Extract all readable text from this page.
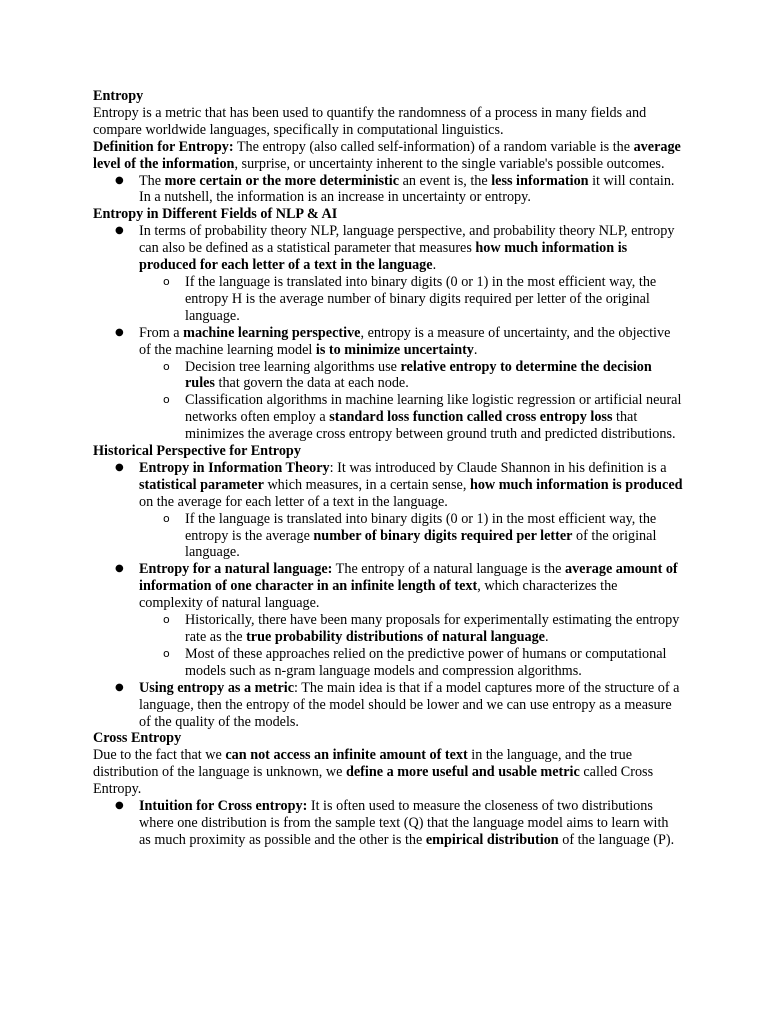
Entropy

Entropy is a metric that has been used to quantify the randomness of a process in many fields and compare worldwide languages, specifically in computational linguistics.

Definition for Entropy: The entropy (also called self-information) of a random variable is the average level of the information, surprise, or uncertainty inherent to the single variable's possible outcomes.

●	The more certain or the more deterministic an event is, the less information it will contain. In a nutshell, the information is an increase in uncertainty or entropy.
Entropy in Different Fields of NLP & AI
●	In terms of probability theory NLP, language perspective, and probability theory NLP, entropy can also be defined as a statistical parameter that measures how much information is produced for each letter of a text in the language.
o	If the language is translated into binary digits (0 or 1) in the most efficient way, the entropy H is the average number of binary digits required per letter of the original language.
●	From a machine learning perspective, entropy is a measure of uncertainty, and the objective of the machine learning model is to minimize uncertainty.
o	Decision tree learning algorithms use relative entropy to determine the decision rules that govern the data at each node.
o	Classification algorithms in machine learning like logistic regression or artificial neural networks often employ a standard loss function called cross entropy loss that minimizes the average cross entropy between ground truth and predicted distributions.
Historical Perspective for Entropy
●	Entropy in Information Theory: It was introduced by Claude Shannon in his definition is a statistical parameter which measures, in a certain sense, how much information is produced on the average for each letter of a text in the language.
o	If the language is translated into binary digits (0 or 1) in the most efficient way, the entropy is the average number of binary digits required per letter of the original language.
●	Entropy for a natural language: The entropy of a natural language is the average amount of information of one character in an infinite length of text, which characterizes the complexity of natural language.
o	Historically, there have been many proposals for experimentally estimating the entropy rate as the true probability distributions of natural language.
o	Most of these approaches relied on the predictive power of humans or computational models such as n-gram language models and compression algorithms.
●	Using entropy as a metric: The main idea is that if a model captures more of the structure of a language, then the entropy of the model should be lower and we can use entropy as a measure of the quality of the models.
Cross Entropy

Due to the fact that we can not access an infinite amount of text in the language, and the true distribution of the language is unknown, we define a more useful and usable metric called Cross Entropy.

●	Intuition for Cross entropy: It is often used to measure the closeness of two distributions where one distribution is from the sample text (Q) that the language model aims to learn with as much proximity as possible and the other is the empirical distribution of the language (P).
